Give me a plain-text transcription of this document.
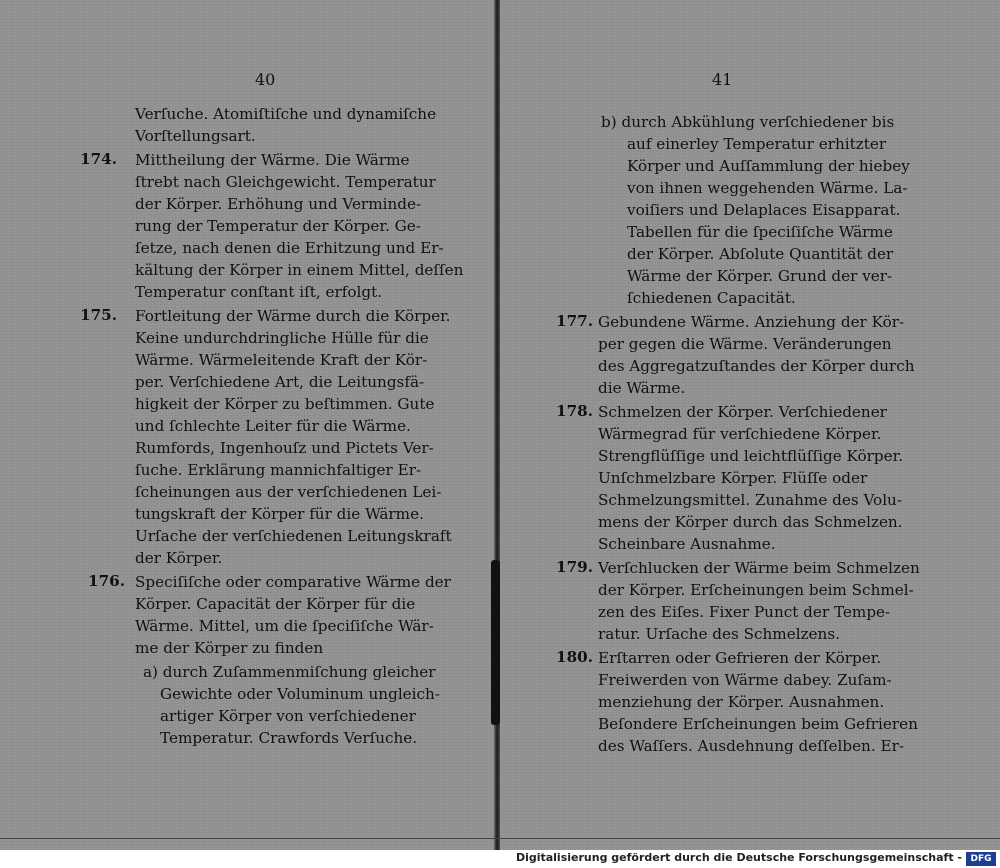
40
Verſuche. Atomiſtiſche und dynamiſche
Vorſtellungsart.
Mittheilung der Wärme. Die Wärme
ſtrebt nach Gleichgewicht. Temperatur
der Körper. Erhöhung und Verminde-
rung der Temperatur der Körper. Ge-
ſetze, nach denen die Erhitzung und Er-
kältung der Körper in einem Mittel, deſſen
Temperatur conſtant iſt, erfolgt.
Fortleitung der Wärme durch die Körper.
Keine undurchdringliche Hülle für die
Wärme. Wärmeleitende Kraft der Kör-
per. Verſchiedene Art, die Leitungsfä-
higkeit der Körper zu beſtimmen. Gute
und ſchlechte Leiter für die Wärme.
Rumfords, Ingenhouſz und Pictets Ver-
ſuche. Erklärung mannichfaltiger Er-
ſcheinungen aus der verſchiedenen Lei-
tungskraft der Körper für die Wärme.
Urſache der verſchiedenen Leitungskraft
der Körper.
Speciſiſche oder comparative Wärme der
Körper. Capacität der Körper für die
Wärme. Mittel, um die ſpeciſiſche Wär-
me der Körper zu finden
a) durch Zuſammenmiſchung gleicher
Gewichte oder Voluminum ungleich-
artiger Körper von verſchiedener
Temperatur. Crawfords Verſuche.
174.
175.
176.
41
b) durch Abkühlung verſchiedener bis
auf einerley Temperatur erhitzter
Körper und Auſſammlung der hiebey
von ihnen weggehenden Wärme. La-
voiſiers und Delaplaces Eisapparat.
Tabellen für die ſpeciſiſche Wärme
der Körper. Abſolute Quantität der
Wärme der Körper. Grund der ver-
ſchiedenen Capacität.
Gebundene Wärme. Anziehung der Kör-
per gegen die Wärme. Veränderungen
des Aggregatzuſtandes der Körper durch
die Wärme.
Schmelzen der Körper. Verſchiedener
Wärmegrad für verſchiedene Körper.
Strengflüſſige und leichtflüſſige Körper.
Unſchmelzbare Körper. Flüſſe oder
Schmelzungsmittel. Zunahme des Volu-
mens der Körper durch das Schmelzen.
Scheinbare Ausnahme.
Verſchlucken der Wärme beim Schmelzen
der Körper. Erſcheinungen beim Schmel-
zen des Eiſes. Fixer Punct der Tempe-
ratur. Urſache des Schmelzens.
Erſtarren oder Gefrieren der Körper.
Freiwerden von Wärme dabey. Zuſam-
menziehung der Körper. Ausnahmen.
Beſondere Erſcheinungen beim Gefrieren
des Waſſers. Ausdehnung deſſelben. Er-
177.
178.
179.
180.
Digitalisierung gefördert durch die Deutsche Forschungsgemeinschaft - DFG
